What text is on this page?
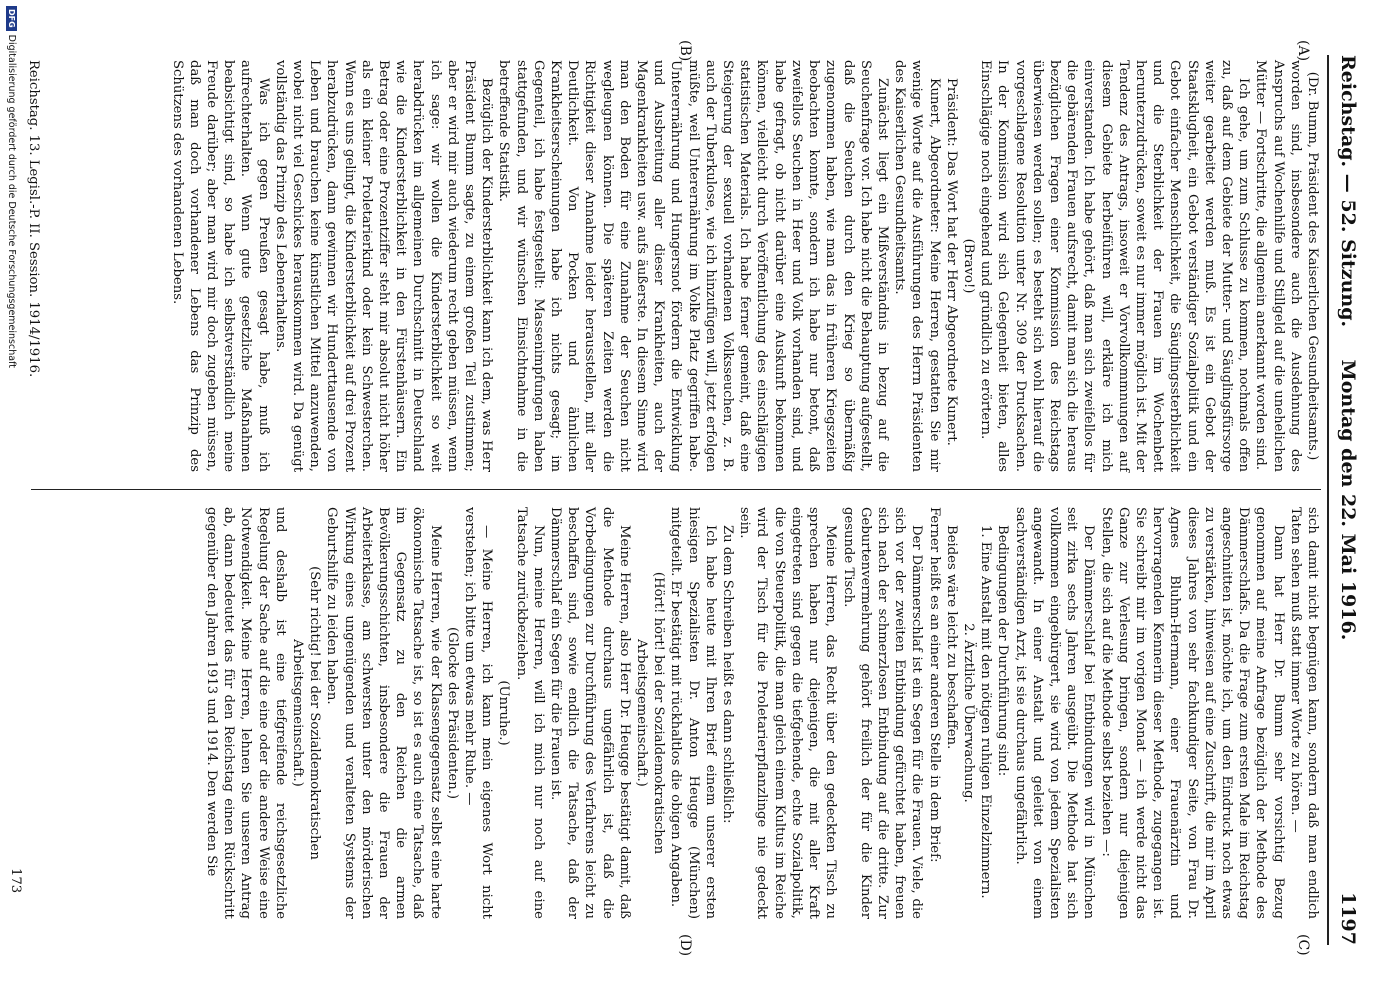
Reichstag. — 52. Sitzung.
Montag den 22. Mai 1916.
1197
(A)
(B)
(C)
(D)

(Dr. Bumm, Präsident des Kaiserlichen Gesundheitsamts.)

worden sind, insbesondere auch die Ausdehnung des Anspruchs auf Wochenhilfe und Stillgeld auf die unehelichen Mütter — Fortschritte, die allgemein anerkannt worden sind.

Ich gehe, um zum Schlusse zu kommen, nochmals offen zu, daß auf dem Gebiete der Mutter- und Säuglingsfürsorge weiter gearbeitet werden muß. Es ist ein Gebot der Staatsklugheit, ein Gebot verständiger Sozialpolitik und ein Gebot einfacher Menschlichkeit, die Säuglingssterblichkeit und die Sterblichkeit der Frauen im Wochenbett herunterzudrücken, soweit es nur immer möglich ist. Mit der Tendenz des Antrags, insoweit er Vorvollkommnungen auf diesem Gebiete herbeiführen will, erkläre ich mich einverstanden. Ich habe gehört, daß man sich zweifellos für die gebärenden Frauen aufsrecht, damit man sich die heraus bezüglichen Fragen einer Kommission des Reichstags überwiesen werden sollen; es besteht sich wohl hierauf die vorgeschlagene Resolution unter Nr. 309 der Drucksachen. In der Kommission wird sich Gelegenheit bieten, alles Einschlägige noch eingehend und gründlich zu erörtern.

(Bravo!)

Präsident: Das Wort hat der Herr Abgeordnete Kunert.

Kunert, Abgeordneter: Meine Herren, gestatten Sie mir wenige Worte auf die Ausführungen des Herrn Präsidenten des Kaiserlichen Gesundheitsamts.

Zunächst liegt ein Mißverständnis in bezug auf die Seuchenfrage vor. Ich habe nicht die Behauptung aufgestellt, daß die Seuchen durch den Krieg so übermäßig zugenommen haben, wie man das in früheren Kriegszeiten beobachten konnte, sondern ich habe nur betont, daß zweifellos Seuchen in Heer und Volk vorhanden sind, und habe gefragt, ob nicht darüber eine Auskunft bekommen können, vielleicht durch Veröffentlichung des einschlägigen statistischen Materials. Ich habe ferner gemeint, daß eine Steigerung der sexuell vorhandenen Volksseuchen, z. B. auch der Tuberkulose, wie ich hinzufügen will, jetzt erfolgen müßte, weil Unterernährung im Volke Platz gegriffen habe. Unterernährung und Hungersnot fördern die Entwicklung und Ausbreitung aller dieser Krankheiten, auch der Magenkrankheiten usw. aufs äußerste. In diesem Sinne wird man den Boden für eine Zunahme der Seuchen nicht wegleugnen können. Die späteren Zeiten werden die Richtigkeit dieser Annahme leider herausstellen, mit aller Deutlichkeit. Von Pocken und ähnlichen Krankheitserscheinungen habe ich nichts gesagt; im Gegenteil, ich habe festgestellt: Massenimpfungen haben stattgefunden, und wir wünschen Einsichtnahme in die betreffende Statistik.

Bezüglich der Kindersterblichkeit kann ich dem, was Herr Präsident Bumm sagte, zu einem großen Teil zustimmen; aber er wird mir auch wiederum recht geben müssen, wenn ich sage: wir wollen die Kindersterblichkeit so weit herabdrücken im allgemeinen Durchschnitt in Deutschland wie die Kindersterblichkeit in den Fürstenhäusern. Ein Betrag oder eine Prozentziffer steht mir absolut nicht höher als ein kleiner Proletarierkind oder kein Schwesterchen. Wenn es uns gelingt, die Kindersterblichkeit auf drei Prozent herabzudrücken, dann gewinnen wir Hunderttausende von Leben und brauchen keine künstlichen Mittel anzuwenden, wobei nicht viel Geschickes herauskommen wird. Da genügt vollständig das Prinzip des Lebenerhaltens.

Was ich gegen Preußen gesagt habe, muß ich aufrechterhalten. Wenn gute gesetzliche Maßnahmen beabsichtigt sind, so habe ich selbstverständlich meine Freude darüber; aber man wird mir doch zugeben müssen, daß man doch vorhandener Lebens das Prinzip des Schützens des vorhandenen Lebens.

Reichstag. 13. Legisl.-P. II. Session. 1914/1916.

sich damit nicht begnügen kann, sondern daß man endlich Taten sehen muß statt immer Worte zu hören. —

Dann hat Herr Dr. Bumm sehr vorsichtig Bezug genommen auf meine Anfrage bezüglich der Methode des Dämmerschlafs. Da die Frage zum ersten Male im Reichstag angeschnitten ist, möchte ich, um den Eindruck noch etwas zu verstärken, hinweisen auf eine Zuschrift, die mir im April dieses Jahres von sehr fachkundiger Seite, von Frau Dr. Agnes Bluhm-Hermann, einer Frauenärztin und hervorragenden Kennerin dieser Methode, zugegangen ist. Sie schreibt mir im vorigen Monat — ich werde nicht das Ganze zur Verlesung bringen, sondern nur diejenigen Stellen, die sich auf die Methode selbst beziehen —:

Der Dämmerschlaf bei Entbindungen wird in München seit zirka sechs Jahren ausgeübt. Die Methode hat sich vollkommen eingebürgert, sie wird von jedem Spezialisten angewandt. In einer Anstalt und geleitet von einem sachverständigen Arzt, ist sie durchaus ungefährlich.

Bedingungen der Durchführung sind:

1. Eine Anstalt mit den nötigen ruhigen Einzelzimmern.

2. Ärztliche Überwachung.

Beides wäre leicht zu beschaffen.

Ferner heißt es an einer anderen Stelle in dem Brief:

Der Dämmerschlaf ist ein Segen für die Frauen. Viele, die sich vor der zweiten Entbindung gefürchtet haben, freuen sich nach der schmerzlosen Entbindung auf die dritte. Zur Geburtenvermehrung gehört freilich der für die Kinder gesunde Tisch.

Meine Herren, das Recht über den gedeckten Tisch zu sprechen haben nur diejenigen, die mit aller Kraft eingetreten sind gegen die tiefgehende, echte Sozialpolitik, die von Steuerpolitik, die man gleich einem Kultus im Reiche wird der Tisch für die Proletarierpflanzlinge nie gedeckt sein.

Zu dem Schreiben heißt es dann schließlich:

Ich habe heute mit Ihren Brief einem unserer ersten hiesigen Spezialisten Dr. Anton Heugge (München) mitgeteilt. Er bestätigt mit rückhaltlos die obigen Angaben.

(Hört! hört! bei der Sozialdemokratischen Arbeitsgemeinschaft.)

Meine Herren, also Herr Dr. Heugge bestätigt damit, daß die Methode durchaus ungefährlich ist, daß die Vorbedingungen zur Durchführung des Verfahrens leicht zu beschaffen sind, sowie endlich die Tatsache, daß der Dämmerschlaf ein Segen für die Frauen ist.

Nun, meine Herren, will ich mich nur noch auf eine Tatsache zurückbeziehen.

(Unruhe.)

— Meine Herren, ich kann mein eigenes Wort nicht verstehen; ich bitte um etwas mehr Ruhe. —

(Glocke des Präsidenten.)

Meine Herren, wie der Klassengegensatz selbst eine harte ökonomische Tatsache ist, so ist es auch eine Tatsache, daß im Gegensatz zu den Reichen die armen Bevölkerungsschichten, insbesondere die Frauen der Arbeiterklasse, am schwersten unter den mörderischen Wirkung eines ungenügenden und veralteten Systems der Geburtshilfe zu leiden haben.

(Sehr richtig! bei der Sozialdemokratischen Arbeitsgemeinschaft.)

und deshalb ist eine tiefgreifende reichsgesetzliche Regelung der Sache auf die eine oder die andere Weise eine Notwendigkeit. Meine Herren, lehnen Sie unseren Antrag ab, dann bedeutet das für den Reichstag einen Rückschritt gegenüber den Jahren 1913 und 1914. Den werden Sie

173
DFGDigitalisierung gefördert durch die Deutsche Forschungsgemeinschaft
